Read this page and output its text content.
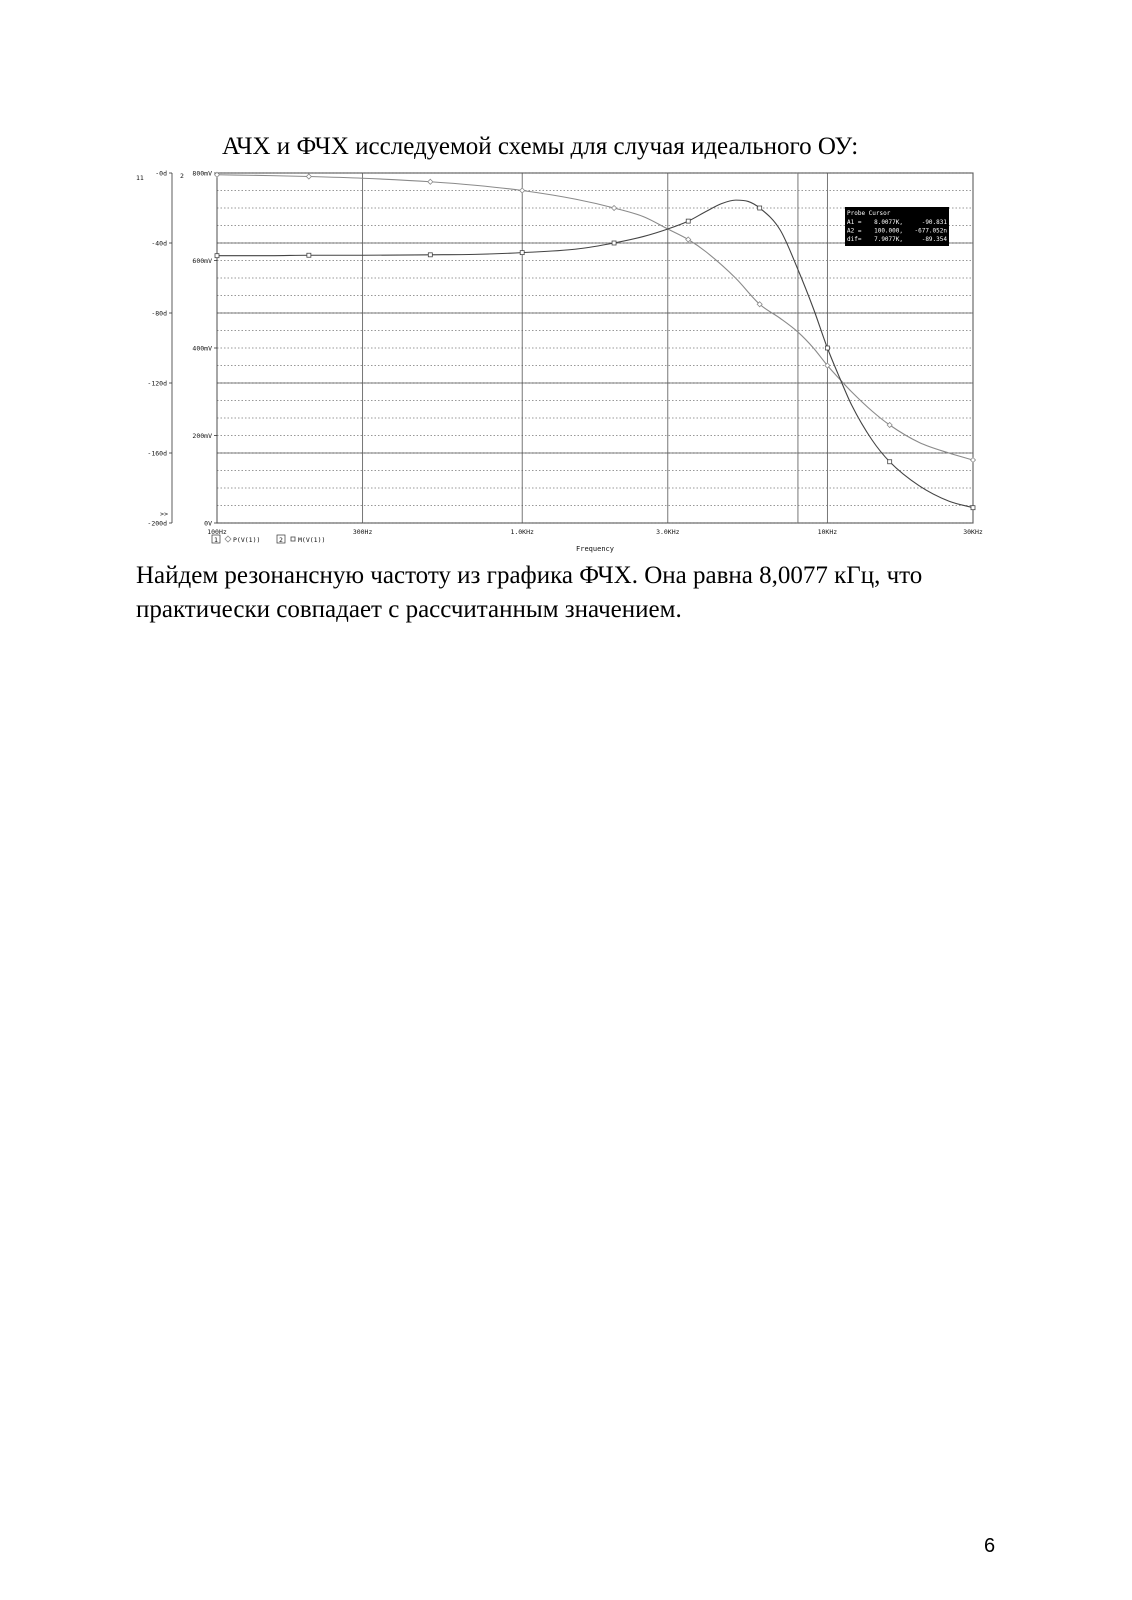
АЧХ и ФЧХ исследуемой схемы для случая идеального ОУ:
100Hz	300Hz	1.0KHz	3.0KHz	10KHz	30KHz
Frequency
-0d
-40d
-80d
-120d
-160d
-200d
800mV
600mV
400mV
200mV
0V
2
11
>>
1 P(V(1))	2 M(V(1))
Probe Cursor
A1 = 8.0077K,	-90.831
A2 = 100.000, -677.052n
dif= 7.9077K,	-89.354
Найдем резонансную частоту из графика ФЧХ. Она равна 8,0077 кГц, что
практически совпадает с рассчитанным значением.
6
